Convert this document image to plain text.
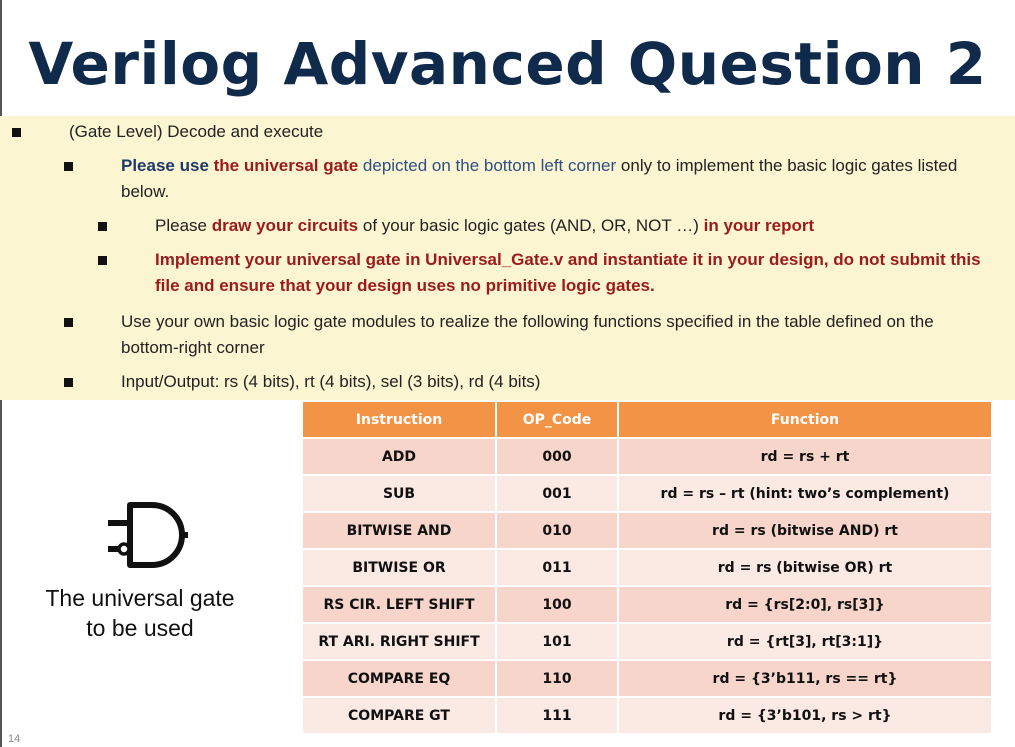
Verilog Advanced Question 2
(Gate Level) Decode and execute
Please use the universal gate depicted on the bottom left corner only to implement the basic logic gates listed below.
Please draw your circuits of your basic logic gates (AND, OR, NOT …) in your report
Implement your universal gate in Universal_Gate.v and instantiate it in your design, do not submit this file and ensure that your design uses no primitive logic gates.
Use your own basic logic gate modules to realize the following functions specified in the table defined on the bottom-right corner
Input/Output: rs (4 bits), rt (4 bits), sel (3 bits), rd (4 bits)
The universal gate
to be used
Instruction	OP_Code	Function
ADD	000	rd = rs + rt
SUB	001	rd = rs – rt (hint: two’s complement)
BITWISE AND	010	rd = rs (bitwise AND) rt
BITWISE OR	011	rd = rs (bitwise OR) rt
RS CIR. LEFT SHIFT	100	rd = {rs[2:0], rs[3]}
RT ARI. RIGHT SHIFT	101	rd = {rt[3], rt[3:1]}
COMPARE EQ	110	rd = {3’b111, rs == rt}
COMPARE GT	111	rd = {3’b101, rs > rt}
14
